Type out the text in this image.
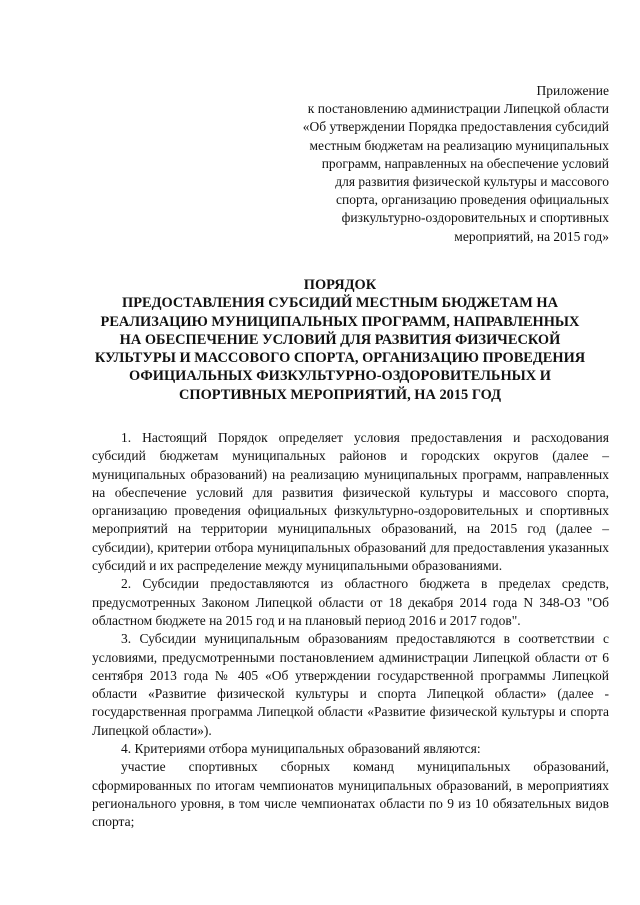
Приложение
к постановлению администрации Липецкой области
«Об утверждении Порядка предоставления субсидий
местным бюджетам на реализацию муниципальных
программ, направленных на обеспечение условий
для развития физической культуры и массового
спорта, организацию проведения официальных
физкультурно-оздоровительных и спортивных
мероприятий, на 2015 год»
ПОРЯДОК
ПРЕДОСТАВЛЕНИЯ СУБСИДИЙ МЕСТНЫМ БЮДЖЕТАМ НА
РЕАЛИЗАЦИЮ МУНИЦИПАЛЬНЫХ ПРОГРАММ, НАПРАВЛЕННЫХ
НА ОБЕСПЕЧЕНИЕ УСЛОВИЙ ДЛЯ РАЗВИТИЯ ФИЗИЧЕСКОЙ
КУЛЬТУРЫ И МАССОВОГО СПОРТА, ОРГАНИЗАЦИЮ ПРОВЕДЕНИЯ
ОФИЦИАЛЬНЫХ ФИЗКУЛЬТУРНО-ОЗДОРОВИТЕЛЬНЫХ И
СПОРТИВНЫХ МЕРОПРИЯТИЙ, НА 2015 ГОД

1. Настоящий Порядок определяет условия предоставления и расходования субсидий бюджетам муниципальных районов и городских округов (далее – муниципальных образований) на реализацию муниципальных программ, направленных на обеспечение условий для развития физической культуры и массового спорта, организацию проведения официальных физкультурно-оздоровительных и спортивных мероприятий на территории муниципальных образований, на 2015 год (далее – субсидии), критерии отбора муниципальных образований для предоставления указанных субсидий и их распределение между муниципальными образованиями.

2. Субсидии предоставляются из областного бюджета в пределах средств, предусмотренных Законом Липецкой области от 18 декабря 2014 года N 348-ОЗ "Об областном бюджете на 2015 год и на плановый период 2016 и 2017 годов".

3. Субсидии муниципальным образованиям предоставляются в соответствии с условиями, предусмотренными постановлением администрации Липецкой области от 6 сентября 2013 года № 405 «Об утверждении государственной программы Липецкой области «Развитие физической культуры и спорта Липецкой области» (далее - государственная программа Липецкой области «Развитие физической культуры и спорта Липецкой области»).

4. Критериями отбора муниципальных образований являются:

участие спортивных сборных команд муниципальных образований, сформированных по итогам чемпионатов муниципальных образований, в мероприятиях регионального уровня, в том числе чемпионатах области по 9 из 10 обязательных видов спорта;
